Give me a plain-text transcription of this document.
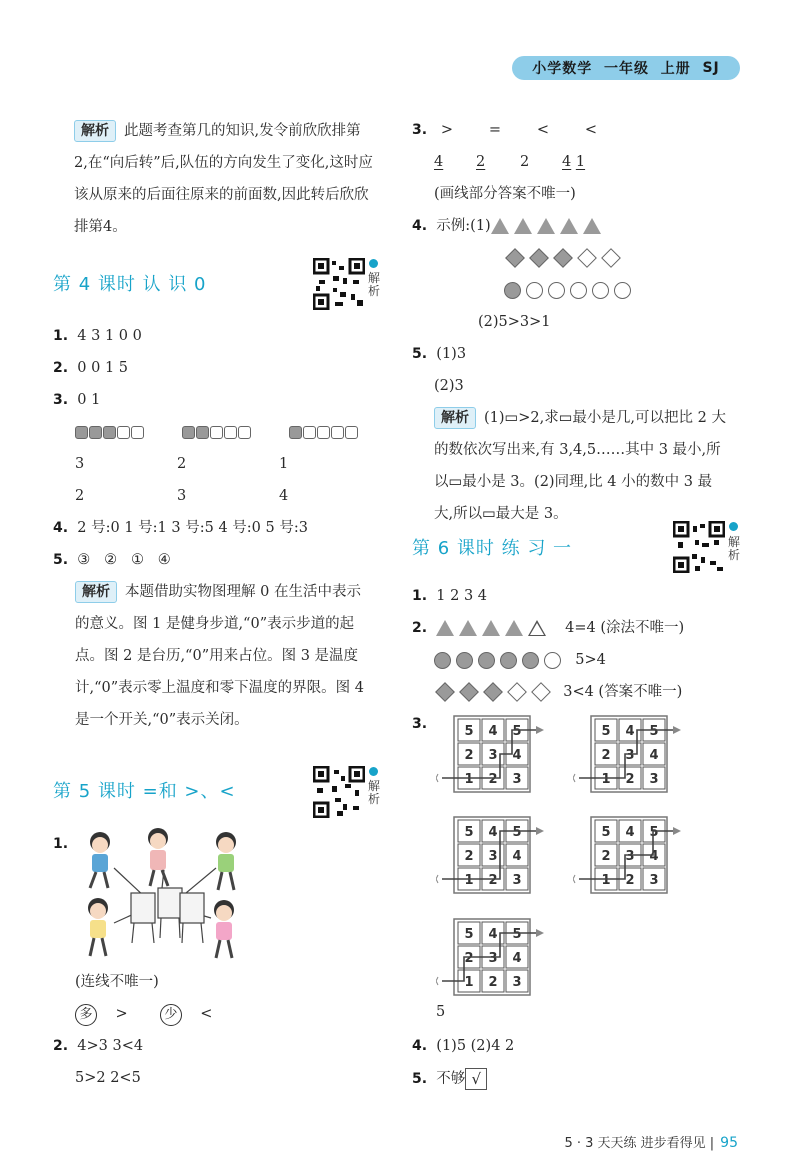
小学数学
一年级
上册
SJ
解析 此题考查第几的知识,发令前欣欣排第2,在“向后转”后,队伍的方向发生了变化,这时应该从原来的后面往原来的前面数,因此转后欣欣排第4。
第 4 课时 认 识 0	解析
1. 4 3 1 0 0
2. 0 0 1 5
3. 0 1

3	2	1
2	3	4
4. 2 号:0 1 号:1 3 号:5 4 号:0 5 号:3
5. ③ ② ① ④
解析 本题借助实物图理解 0 在生活中表示的意义。图 1 是健身步道,“0”表示步道的起点。图 2 是台历,“0”用来占位。图 3 是温度计,“0”表示零上温度和零下温度的界限。图 4 是一个开关,“0”表示关闭。
第 5 课时 =和 >、<	解析
1.
(连线不唯一)
多 >	少 <
2. 4>3 3<4
5>2 2<5
3. > = < <
4 2 2 4 1
(画线部分答案不唯一)
4. 示例:(1)
(2)5>3>1
5. (1)3
(2)3
解析 (1)▭>2,求▭最小是几,可以把比 2 大的数依次写出来,有 3,4,5……其中 3 最小,所以▭最小是 3。(2)同理,比 4 小的数中 3 最大,所以▭最大是 3。
第 6 课时 练 习 一	解析
1. 1 2 3 4
2.	4=4 (涂法不唯一)
5>4
3<4 (答案不唯一)
3.	5 4 5
2 3 4
1 2 3
5 4 5
2 3 4
1 2 3
5 4 5
2 3 4
1 2 3
5 4 5
2 3 4
1 2 3
5 4 5
2 3 4
1 2 3
5
4. (1)5 (2)4 2
5. 不够 √
5 · 3 天天练 进步看得见 | 95
